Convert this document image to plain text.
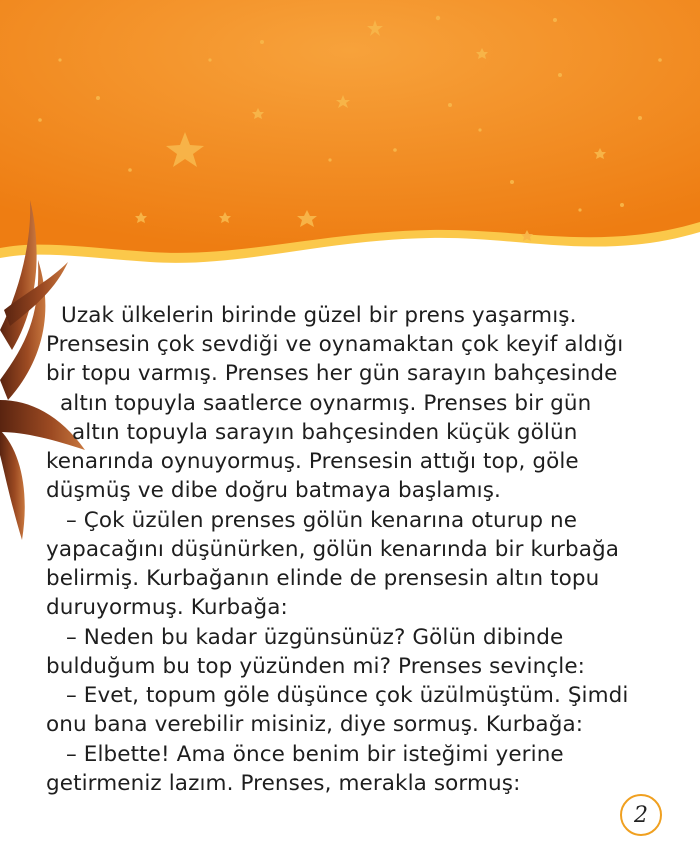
Uzak ülkelerin birinde güzel bir prens yaşarmış.
Prensesin çok sevdiği ve oynamaktan çok keyif aldığı
bir topu varmış. Prenses her gün sarayın bahçesinde
altın topuyla saatlerce oynarmış. Prenses bir gün
altın topuyla sarayın bahçesinden küçük gölün
kenarında oynuyormuş. Prensesin attığı top, göle
düşmüş ve dibe doğru batmaya başlamış.
– Çok üzülen prenses gölün kenarına oturup ne
yapacağını düşünürken, gölün kenarında bir kurbağa
belirmiş. Kurbağanın elinde de prensesin altın topu
duruyormuş. Kurbağa:
– Neden bu kadar üzgünsünüz? Gölün dibinde
bulduğum bu top yüzünden mi? Prenses sevinçle:
– Evet, topum göle düşünce çok üzülmüştüm. Şimdi
onu bana verebilir misiniz, diye sormuş. Kurbağa:
– Elbette! Ama önce benim bir isteğimi yerine
getirmeniz lazım. Prenses, merakla sormuş:
2
